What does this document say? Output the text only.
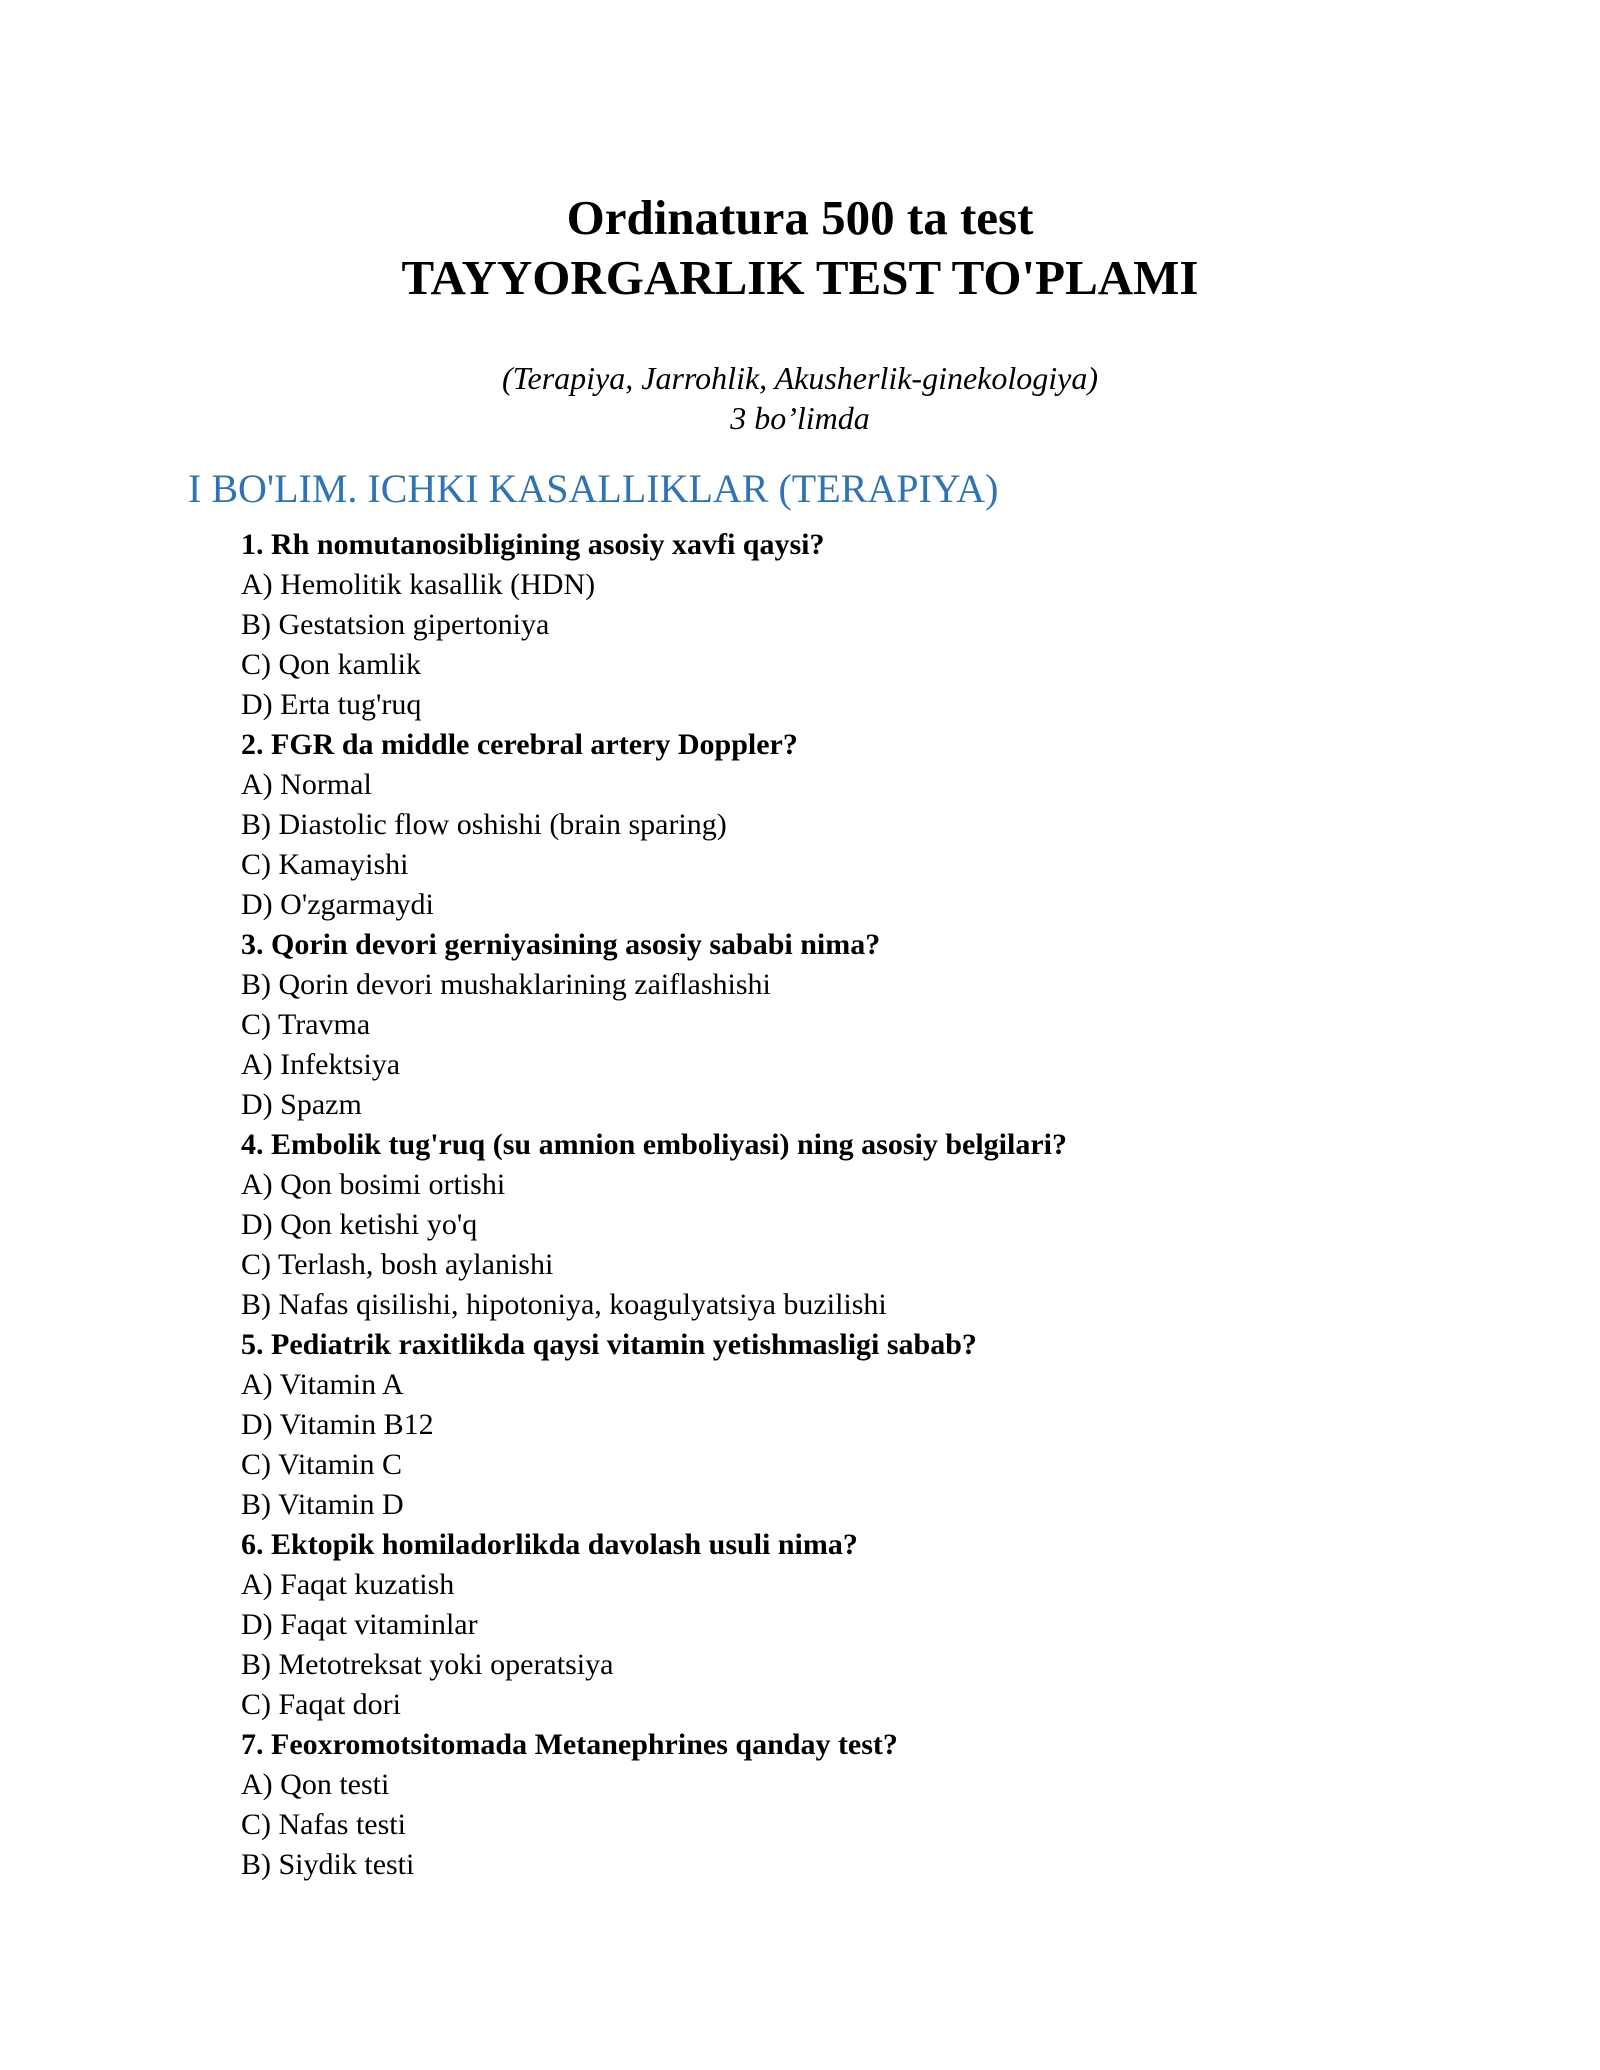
Ordinatura 500 ta test
TAYYORGARLIK TEST TO'PLAMI
(Terapiya, Jarrohlik, Akusherlik-ginekologiya)
3 bo’limda
I BO'LIM. ICHKI KASALLIKLAR (TERAPIYA)
1. Rh nomutanosibligining asosiy xavfi qaysi?
A) Hemolitik kasallik (HDN)
B) Gestatsion gipertoniya
C) Qon kamlik
D) Erta tug'ruq
2. FGR da middle cerebral artery Doppler?
A) Normal
B) Diastolic flow oshishi (brain sparing)
C) Kamayishi
D) O'zgarmaydi
3. Qorin devori gerniyasining asosiy sababi nima?
B) Qorin devori mushaklarining zaiflashishi
C) Travma
A) Infektsiya
D) Spazm
4. Embolik tug'ruq (su amnion emboliyasi) ning asosiy belgilari?
A) Qon bosimi ortishi
D) Qon ketishi yo'q
C) Terlash, bosh aylanishi
B) Nafas qisilishi, hipotoniya, koagulyatsiya buzilishi
5. Pediatrik raxitlikda qaysi vitamin yetishmasligi sabab?
A) Vitamin A
D) Vitamin B12
C) Vitamin C
B) Vitamin D
6. Ektopik homiladorlikda davolash usuli nima?
A) Faqat kuzatish
D) Faqat vitaminlar
B) Metotreksat yoki operatsiya
C) Faqat dori
7. Feoxromotsitomada Metanephrines qanday test?
A) Qon testi
C) Nafas testi
B) Siydik testi
